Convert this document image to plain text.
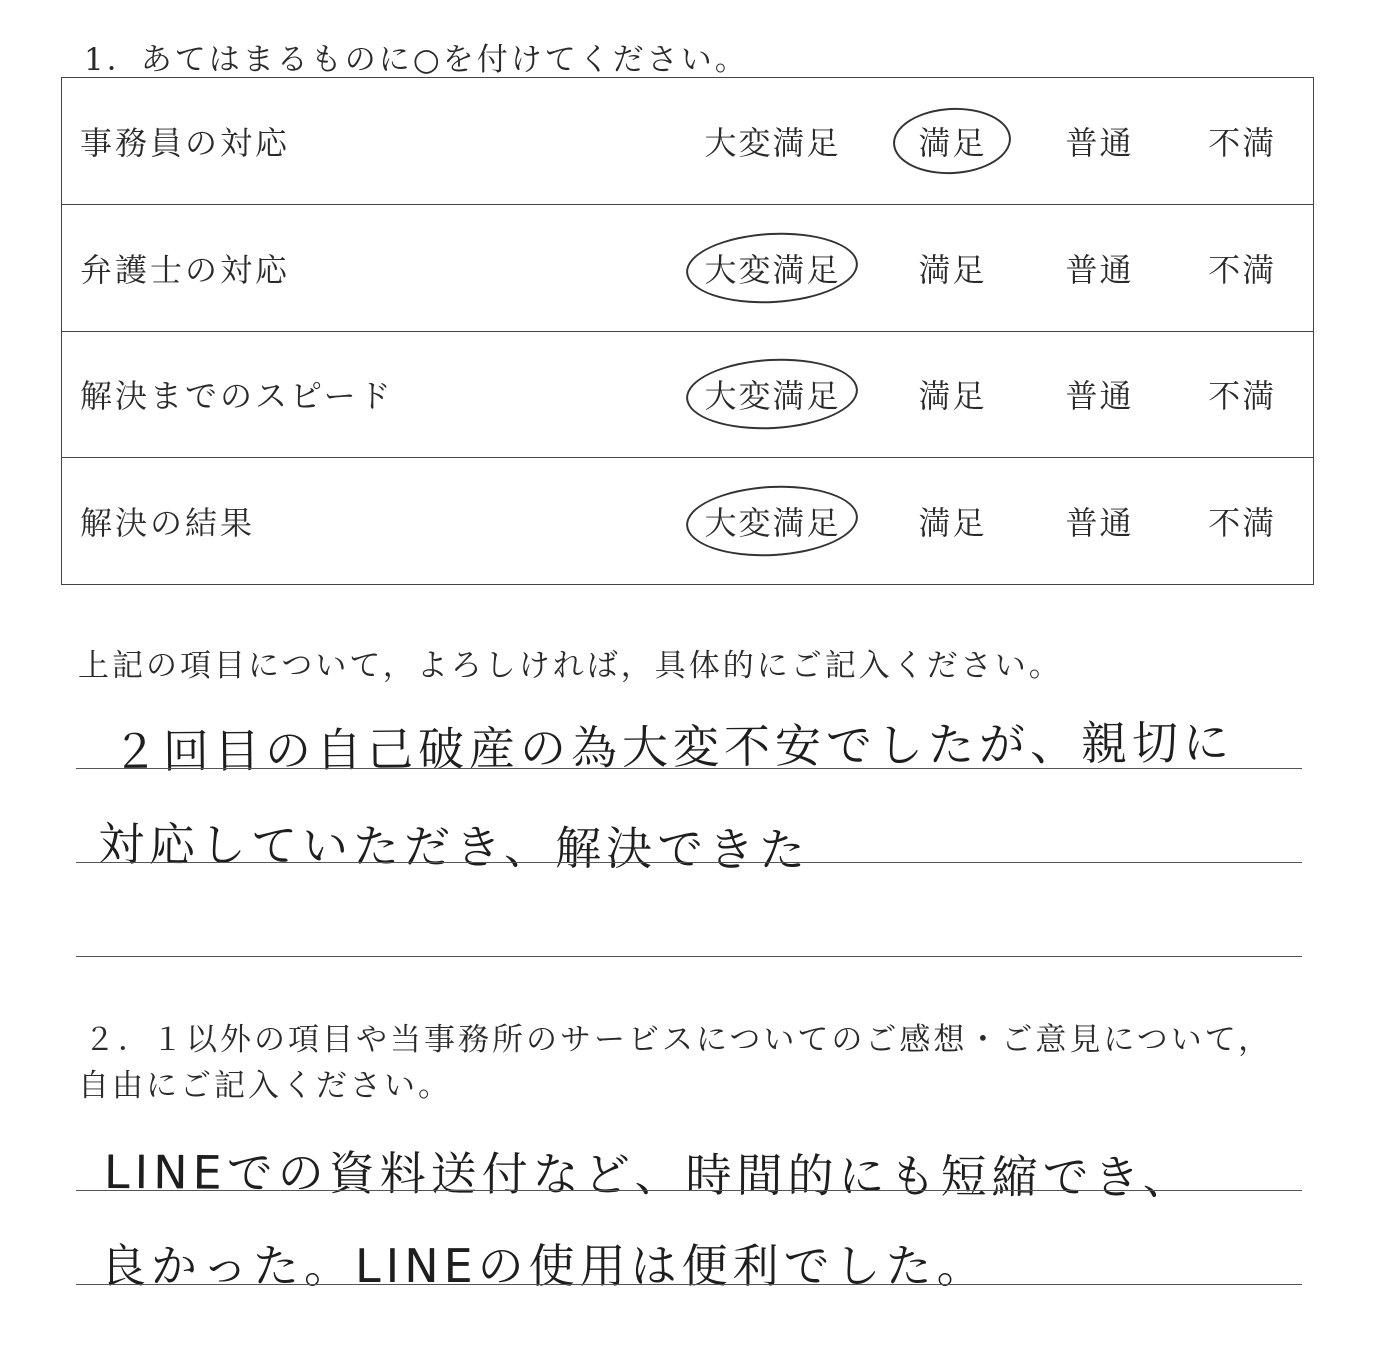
1．あてはまるものに○を付けてください。
事務員の対応	大変満足	満足	普通	不満
弁護士の対応	大変満足	満足	普通	不満
解決までのスピード	大変満足	満足	普通	不満
解決の結果	大変満足	満足	普通	不満
上記の項目について，よろしければ，具体的にご記入ください。
２回目の自己破産の為大変不安でしたが、親切に
対応していただき、解決できた
２．１以外の項目や当事務所のサービスについてのご感想・ご意見について，
自由にご記入ください。
LINEでの資料送付など、時間的にも短縮でき、
良かった。LINEの使用は便利でした。
